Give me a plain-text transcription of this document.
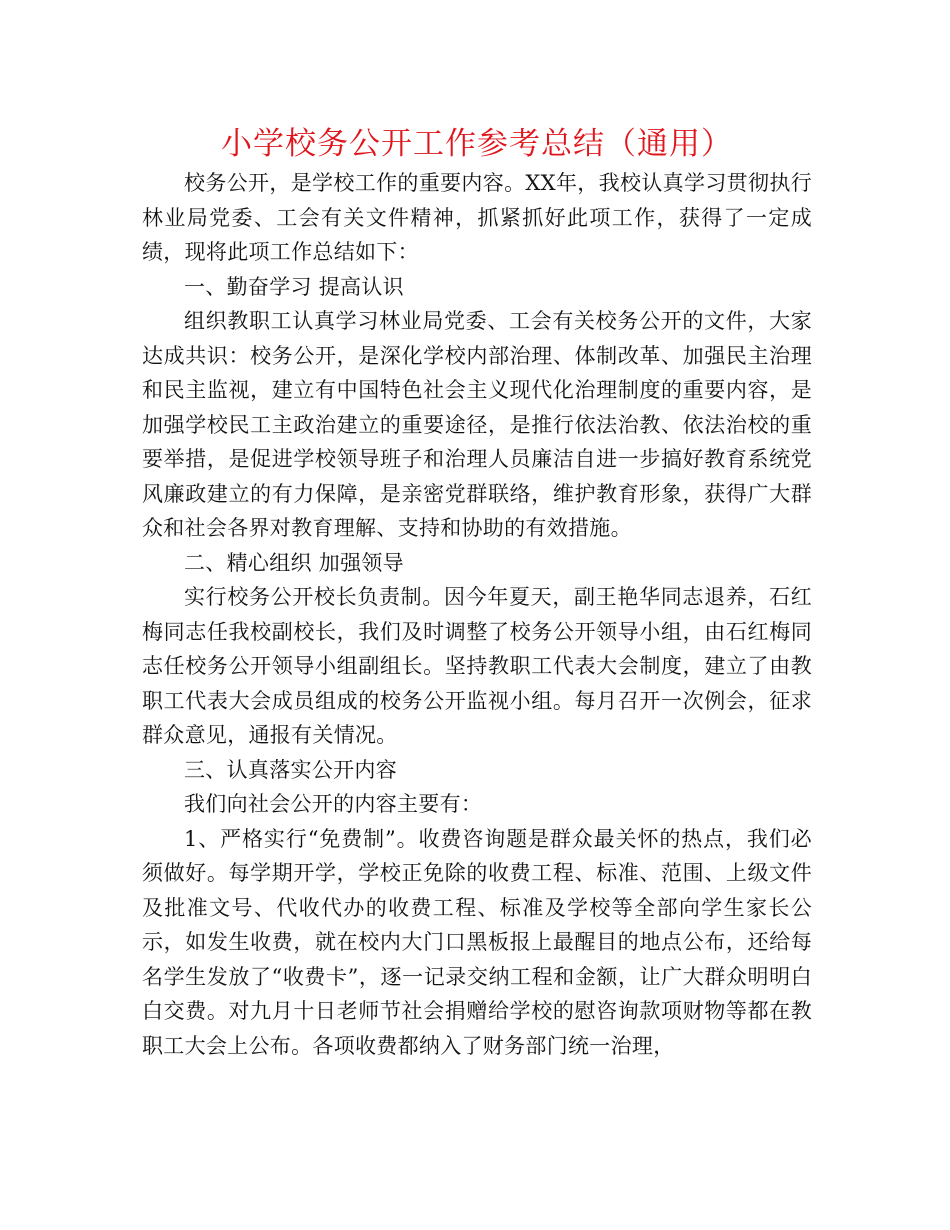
小学校务公开工作参考总结（通用）

校务公开，是学校工作的重要内容。XX年，我校认真学习贯彻执行林业局党委、工会有关文件精神，抓紧抓好此项工作，获得了一定成绩，现将此项工作总结如下：

一、勤奋学习 提高认识

组织教职工认真学习林业局党委、工会有关校务公开的文件，大家达成共识：校务公开，是深化学校内部治理、体制改革、加强民主治理和民主监视，建立有中国特色社会主义现代化治理制度的重要内容，是加强学校民工主政治建立的重要途径，是推行依法治教、依法治校的重要举措，是促进学校领导班子和治理人员廉洁自进一步搞好教育系统党风廉政建立的有力保障，是亲密党群联络，维护教育形象，获得广大群众和社会各界对教育理解、支持和协助的有效措施。

二、精心组织 加强领导

实行校务公开校长负责制。因今年夏天，副王艳华同志退养，石红梅同志任我校副校长，我们及时调整了校务公开领导小组，由石红梅同志任校务公开领导小组副组长。坚持教职工代表大会制度，建立了由教职工代表大会成员组成的校务公开监视小组。每月召开一次例会，征求群众意见，通报有关情况。

三、认真落实公开内容

我们向社会公开的内容主要有：

1、严格实行“免费制”。收费咨询题是群众最关怀的热点，我们必须做好。每学期开学，学校正免除的收费工程、标准、范围、上级文件及批准文号、代收代办的收费工程、标准及学校等全部向学生家长公示，如发生收费，就在校内大门口黑板报上最醒目的地点公布，还给每名学生发放了“收费卡”，逐一记录交纳工程和金额，让广大群众明明白白交费。对九月十日老师节社会捐赠给学校的慰咨询款项财物等都在教职工大会上公布。各项收费都纳入了财务部门统一治理，
